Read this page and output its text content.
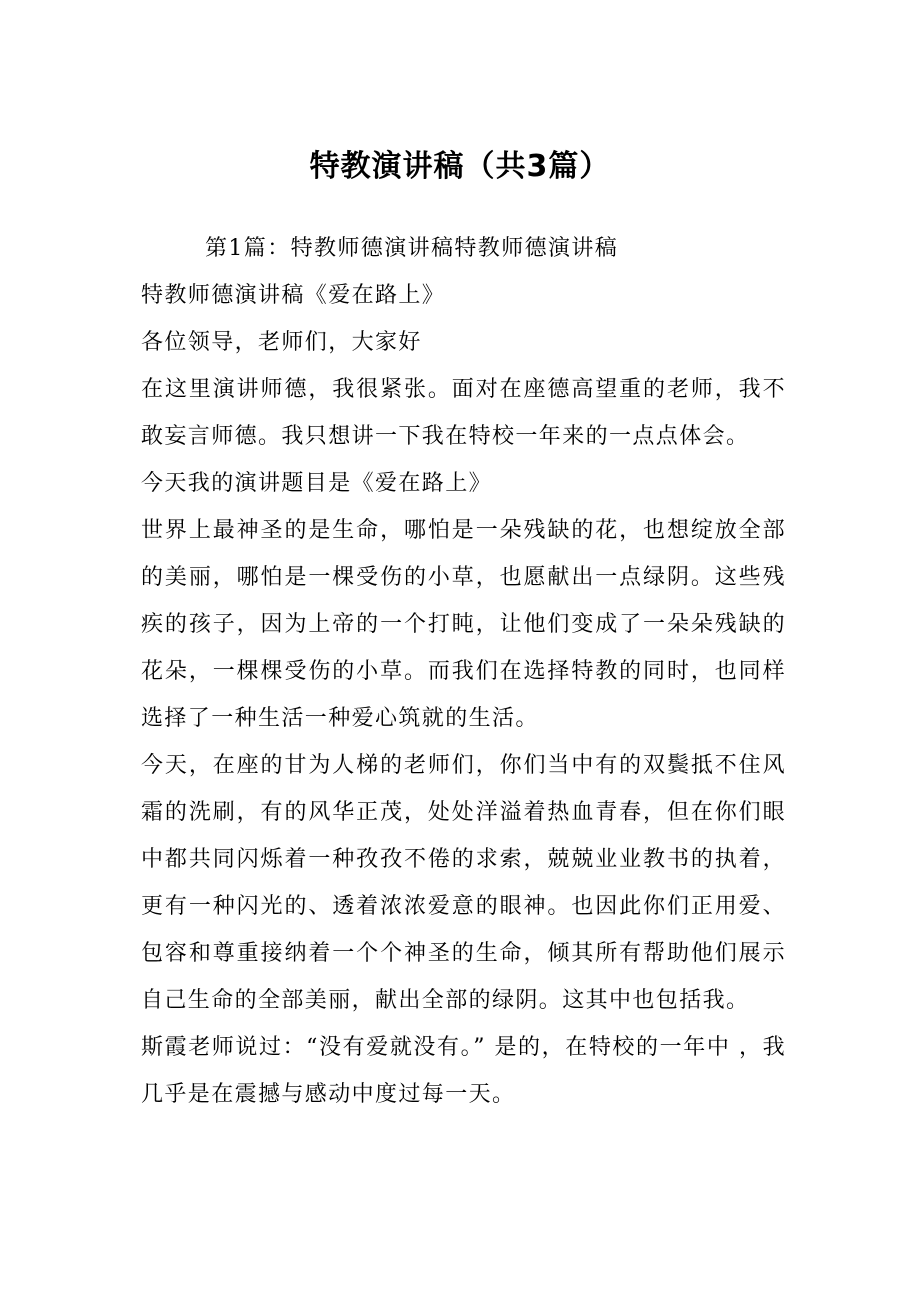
特教演讲稿（共3篇）

第1篇：特教师德演讲稿特教师德演讲稿

特教师德演讲稿《爱在路上》

各位领导，老师们，大家好

在这里演讲师德，我很紧张。面对在座德高望重的老师，我不敢妄言师德。我只想讲一下我在特校一年来的一点点体会。

今天我的演讲题目是《爱在路上》

世界上最神圣的是生命，哪怕是一朵残缺的花，也想绽放全部的美丽，哪怕是一棵受伤的小草，也愿献出一点绿阴。这些残疾的孩子，因为上帝的一个打盹，让他们变成了一朵朵残缺的花朵，一棵棵受伤的小草。而我们在选择特教的同时，也同样选择了一种生活一种爱心筑就的生活。

今天，在座的甘为人梯的老师们，你们当中有的双鬓抵不住风霜的洗刷，有的风华正茂，处处洋溢着热血青春，但在你们眼中都共同闪烁着一种孜孜不倦的求索，兢兢业业教书的执着，更有一种闪光的、透着浓浓爱意的眼神。也因此你们正用爱、包容和尊重接纳着一个个神圣的生命，倾其所有帮助他们展示自己生命的全部美丽，献出全部的绿阴。这其中也包括我。

斯霞老师说过：“没有爱就没有。” 是的，在特校的一年中 ，我几乎是在震撼与感动中度过每一天。
